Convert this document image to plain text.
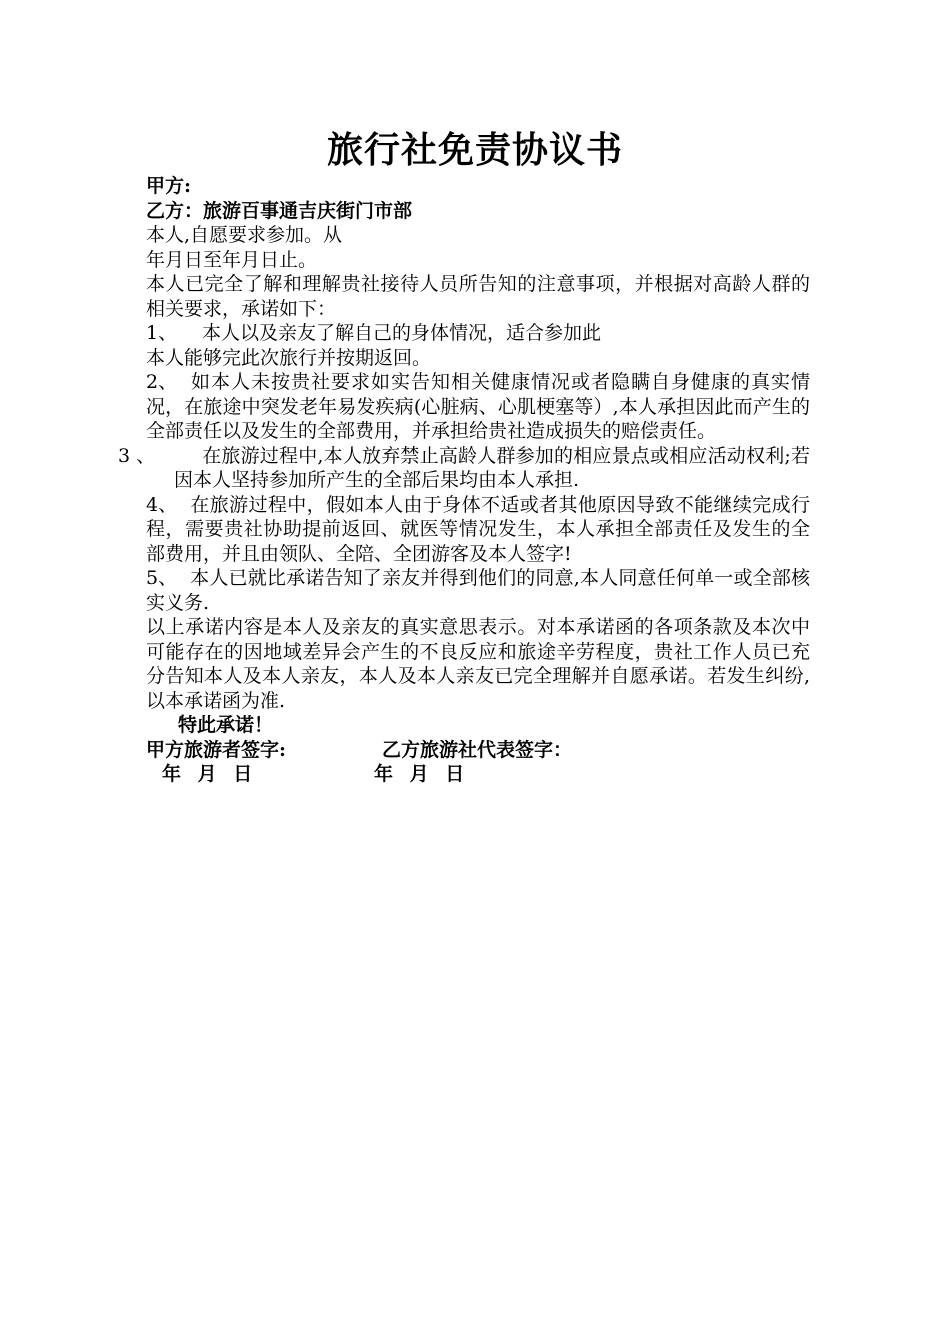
旅行社免责协议书

甲方:

乙方：旅游百事通吉庆街门市部

本人,自愿要求参加。从

年月日至年月日止。

本人已完全了解和理解贵社接待人员所告知的注意事项，并根据对高龄人群的相关要求，承诺如下：

1、 本人以及亲友了解自己的身体情况，适合参加此

本人能够完此次旅行并按期返回。

2、 如本人未按贵社要求如实告知相关健康情况或者隐瞒自身健康的真实情况，在旅途中突发老年易发疾病(心脏病、心肌梗塞等）,本人承担因此而产生的全部责任以及发生的全部费用，并承担给贵社造成损失的赔偿责任。

3 、 在旅游过程中,本人放弃禁止高龄人群参加的相应景点或相应活动权利;若因本人坚持参加所产生的全部后果均由本人承担.

4、 在旅游过程中，假如本人由于身体不适或者其他原因导致不能继续完成行程，需要贵社协助提前返回、就医等情况发生，本人承担全部责任及发生的全部费用，并且由领队、全陪、全团游客及本人签字!

5、 本人已就比承诺告知了亲友并得到他们的同意,本人同意任何单一或全部核实义务.

以上承诺内容是本人及亲友的真实意思表示。对本承诺函的各项条款及本次中可能存在的因地域差异会产生的不良反应和旅途辛劳程度，贵社工作人员已充分告知本人及本人亲友，本人及本人亲友已完全理解并自愿承诺。若发生纠纷,以本承诺函为准.

特此承诺！

甲方旅游者签字:	乙方旅游社代表签字：
年 月 日	年 月 日
